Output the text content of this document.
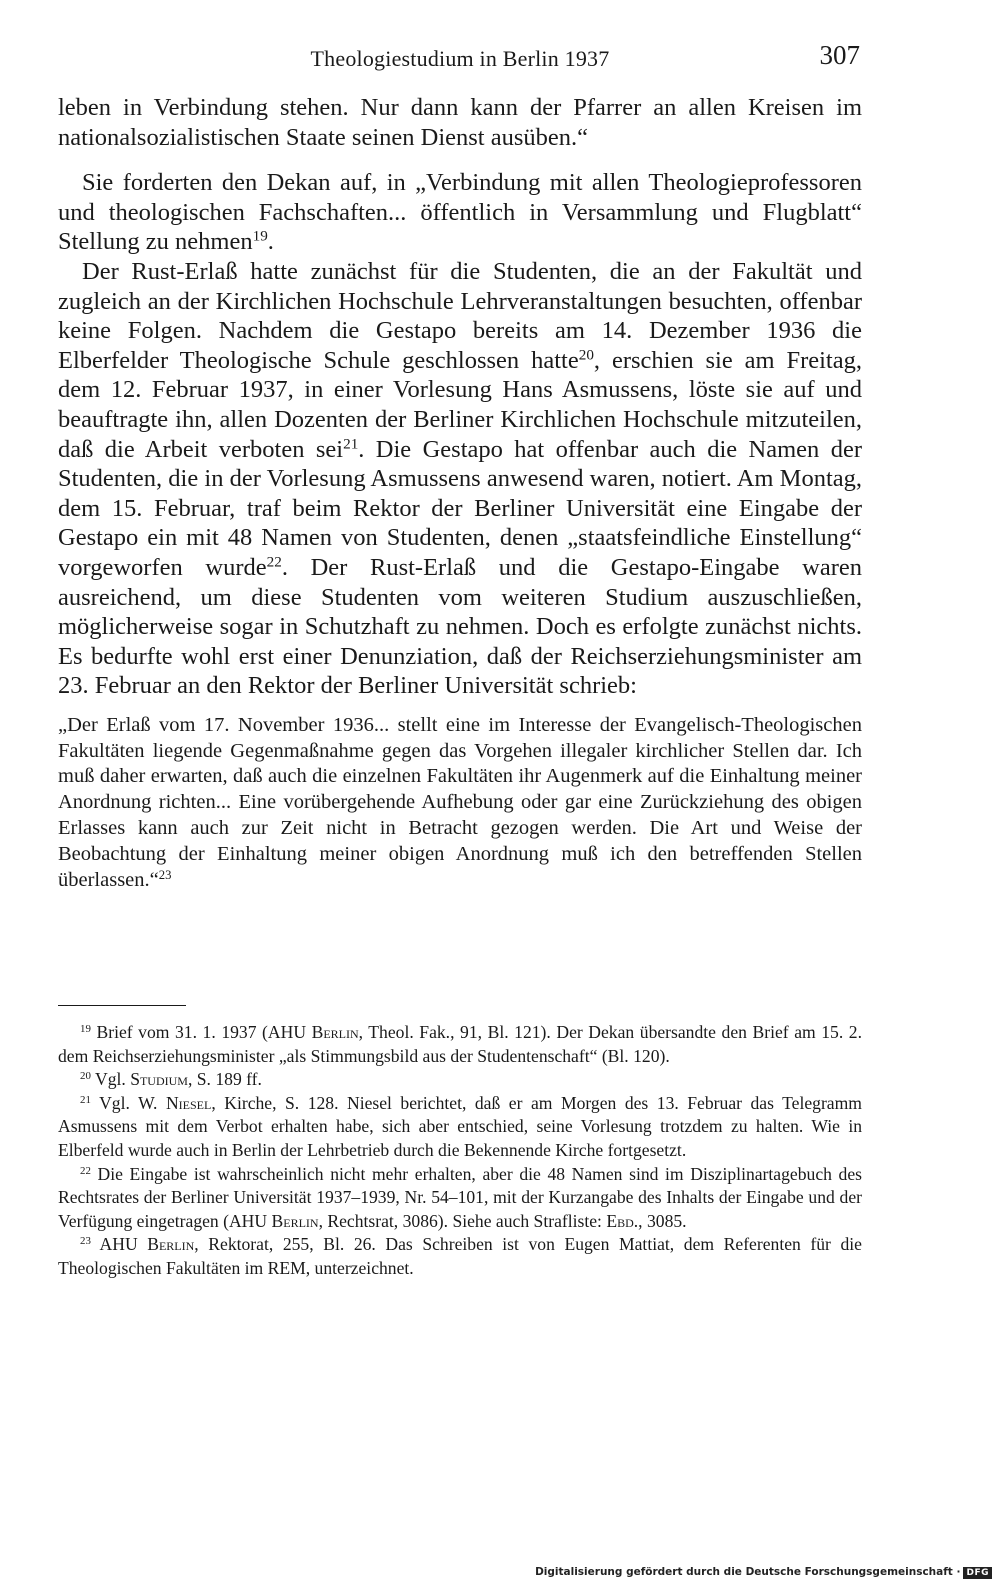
Theologiestudium in Berlin 1937	307

leben in Verbindung stehen. Nur dann kann der Pfarrer an allen Kreisen im nationalsozialistischen Staate seinen Dienst ausüben.“

Sie forderten den Dekan auf, in „Verbindung mit allen Theologieprofessoren und theologischen Fachschaften... öffentlich in Versammlung und Flugblatt“ Stellung zu nehmen$^{19}$.

Der Rust-Erlaß hatte zunächst für die Studenten, die an der Fakultät und zugleich an der Kirchlichen Hochschule Lehrveranstaltungen besuchten, offenbar keine Folgen. Nachdem die Gestapo bereits am 14. Dezember 1936 die Elberfelder Theologische Schule geschlossen hatte$^{20}$, erschien sie am Freitag, dem 12. Februar 1937, in einer Vorlesung Hans Asmussens, löste sie auf und beauftragte ihn, allen Dozenten der Berliner Kirchlichen Hochschule mitzuteilen, daß die Arbeit verboten sei$^{21}$. Die Gestapo hat offenbar auch die Namen der Studenten, die in der Vorlesung Asmussens anwesend waren, notiert. Am Montag, dem 15. Februar, traf beim Rektor der Berliner Universität eine Eingabe der Gestapo ein mit 48 Namen von Studenten, denen „staatsfeindliche Einstellung“ vorgeworfen wurde$^{22}$. Der Rust-Erlaß und die Gestapo-Eingabe waren ausreichend, um diese Studenten vom weiteren Studium auszuschließen, möglicherweise sogar in Schutzhaft zu nehmen. Doch es erfolgte zunächst nichts. Es bedurfte wohl erst einer Denunziation, daß der Reichserziehungsminister am 23. Februar an den Rektor der Berliner Universität schrieb:

„Der Erlaß vom 17. November 1936... stellt eine im Interesse der Evangelisch-Theologischen Fakultäten liegende Gegenmaßnahme gegen das Vorgehen illegaler kirchlicher Stellen dar. Ich muß daher erwarten, daß auch die einzelnen Fakultäten ihr Augenmerk auf die Einhaltung meiner Anordnung richten... Eine vorübergehende Aufhebung oder gar eine Zurückziehung des obigen Erlasses kann auch zur Zeit nicht in Betracht gezogen werden. Die Art und Weise der Beobachtung der Einhaltung meiner obigen Anordnung muß ich den betreffenden Stellen überlassen.“$^{23}$

$^{19}$ Brief vom 31. 1. 1937 (AHU Berlin, Theol. Fak., 91, Bl. 121). Der Dekan übersandte den Brief am 15. 2. dem Reichserziehungsminister „als Stimmungsbild aus der Studentenschaft“ (Bl. 120).

$^{20}$ Vgl. Studium, S. 189 ff.

$^{21}$ Vgl. W. Niesel, Kirche, S. 128. Niesel berichtet, daß er am Morgen des 13. Februar das Telegramm Asmussens mit dem Verbot erhalten habe, sich aber entschied, seine Vorlesung trotzdem zu halten. Wie in Elberfeld wurde auch in Berlin der Lehrbetrieb durch die Bekennende Kirche fortgesetzt.

$^{22}$ Die Eingabe ist wahrscheinlich nicht mehr erhalten, aber die 48 Namen sind im Disziplinartagebuch des Rechtsrates der Berliner Universität 1937–1939, Nr. 54–101, mit der Kurzangabe des Inhalts der Eingabe und der Verfügung eingetragen (AHU Berlin, Rechtsrat, 3086). Siehe auch Strafliste: Ebd., 3085.

$^{23}$ AHU Berlin, Rektorat, 255, Bl. 26. Das Schreiben ist von Eugen Mattiat, dem Referenten für die Theologischen Fakultäten im REM, unterzeichnet.

Digitalisierung gefördert durch die Deutsche Forschungsgemeinschaft · DFG
